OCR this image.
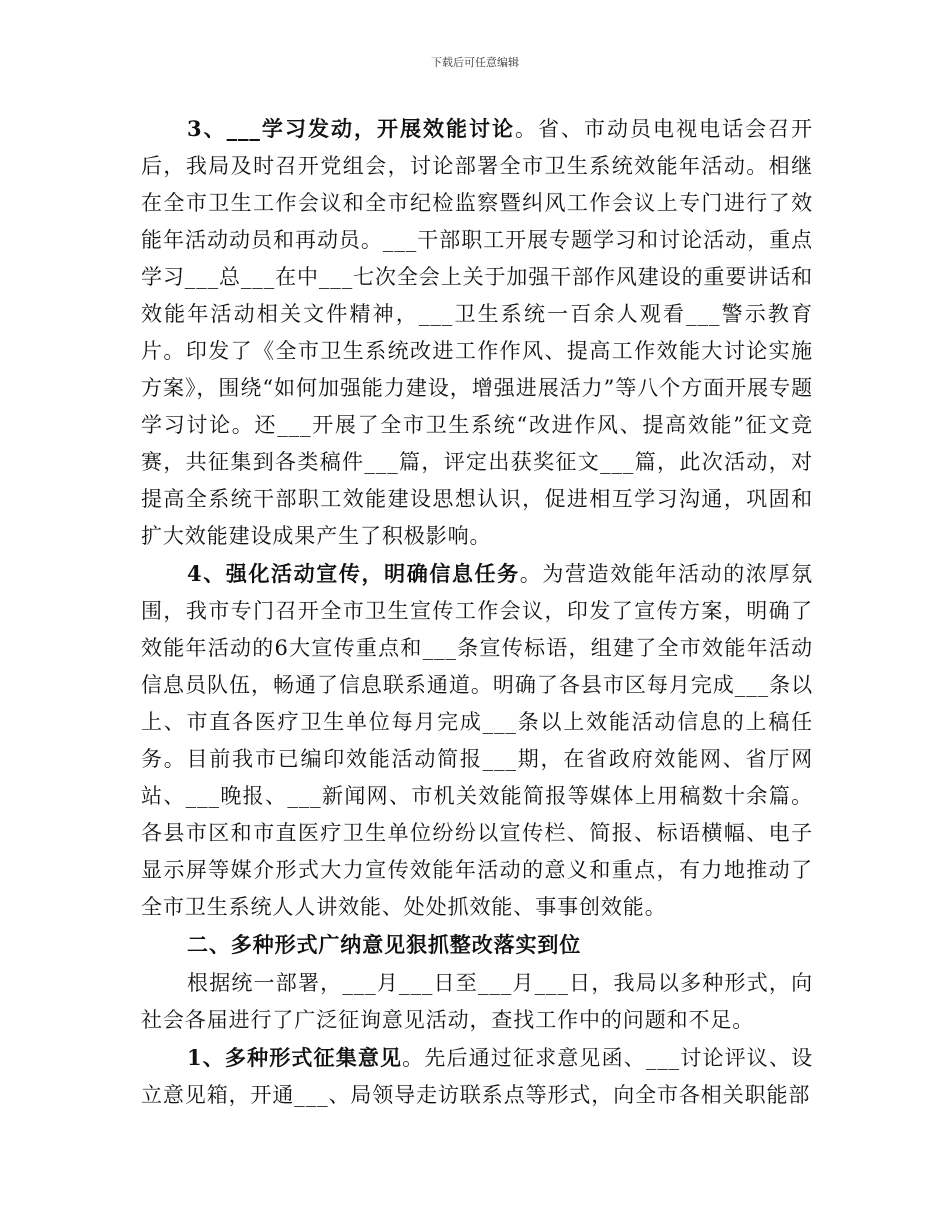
下载后可任意编辑

3、___学习发动，开展效能讨论。省、市动员电视电话会召开后，我局及时召开党组会，讨论部署全市卫生系统效能年活动。相继在全市卫生工作会议和全市纪检监察暨纠风工作会议上专门进行了效能年活动动员和再动员。___干部职工开展专题学习和讨论活动，重点学习___总___在中___七次全会上关于加强干部作风建设的重要讲话和效能年活动相关文件精神，___卫生系统一百余人观看___警示教育片。印发了《全市卫生系统改进工作作风、提高工作效能大讨论实施方案》，围绕“如何加强能力建设，增强进展活力”等八个方面开展专题学习讨论。还___开展了全市卫生系统“改进作风、提高效能”征文竞赛，共征集到各类稿件___篇，评定出获奖征文___篇，此次活动，对提高全系统干部职工效能建设思想认识，促进相互学习沟通，巩固和扩大效能建设成果产生了积极影响。

4、强化活动宣传，明确信息任务。为营造效能年活动的浓厚氛围，我市专门召开全市卫生宣传工作会议，印发了宣传方案，明确了效能年活动的6大宣传重点和___条宣传标语，组建了全市效能年活动信息员队伍，畅通了信息联系通道。明确了各县市区每月完成___条以上、市直各医疗卫生单位每月完成___条以上效能活动信息的上稿任务。目前我市已编印效能活动简报___期，在省政府效能网、省厅网站、___晚报、___新闻网、市机关效能简报等媒体上用稿数十余篇。各县市区和市直医疗卫生单位纷纷以宣传栏、简报、标语横幅、电子显示屏等媒介形式大力宣传效能年活动的意义和重点，有力地推动了全市卫生系统人人讲效能、处处抓效能、事事创效能。

二、多种形式广纳意见狠抓整改落实到位

根据统一部署，___月___日至___月___日，我局以多种形式，向社会各届进行了广泛征询意见活动，查找工作中的问题和不足。

1、多种形式征集意见。先后通过征求意见函、___讨论评议、设立意见箱，开通___、局领导走访联系点等形式，向全市各相关职能部
